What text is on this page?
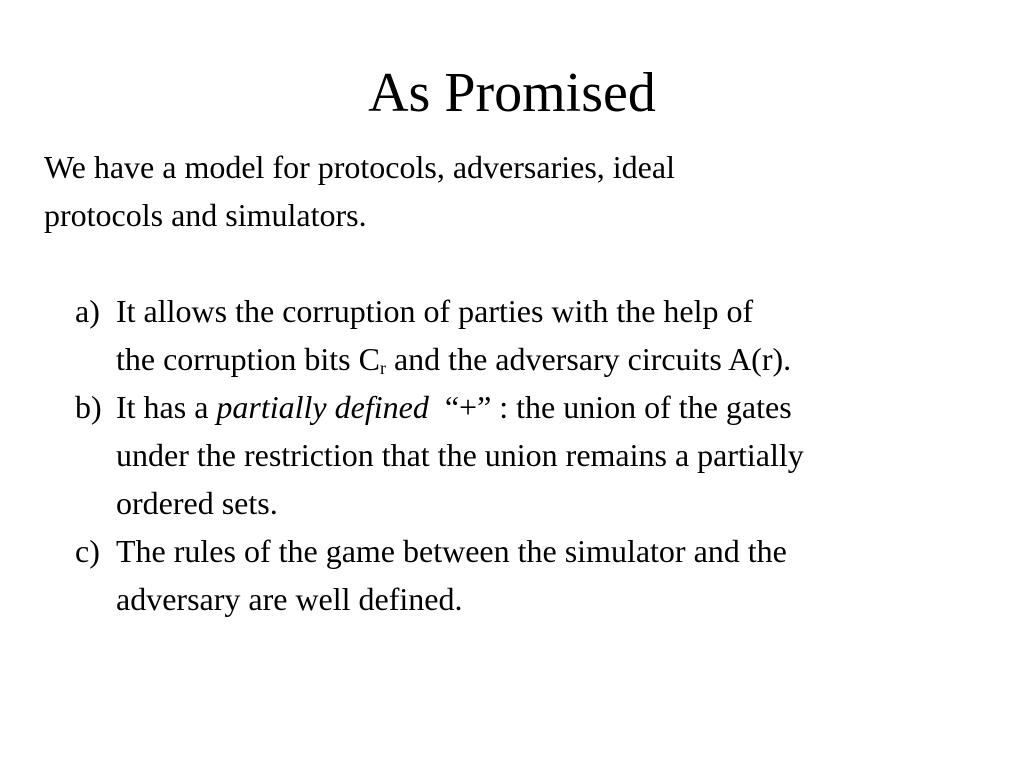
As Promised
We have a model for protocols, adversaries, ideal
protocols and simulators.
a) It allows the corruption of parties with the help of
the corruption bits $C_r$ and the adversary circuits A(r).
b) It has a partially defined  “+” : the union of the gates
under the restriction that the union remains a partially
ordered sets.
c) The rules of the game between the simulator and the
adversary are well defined.
